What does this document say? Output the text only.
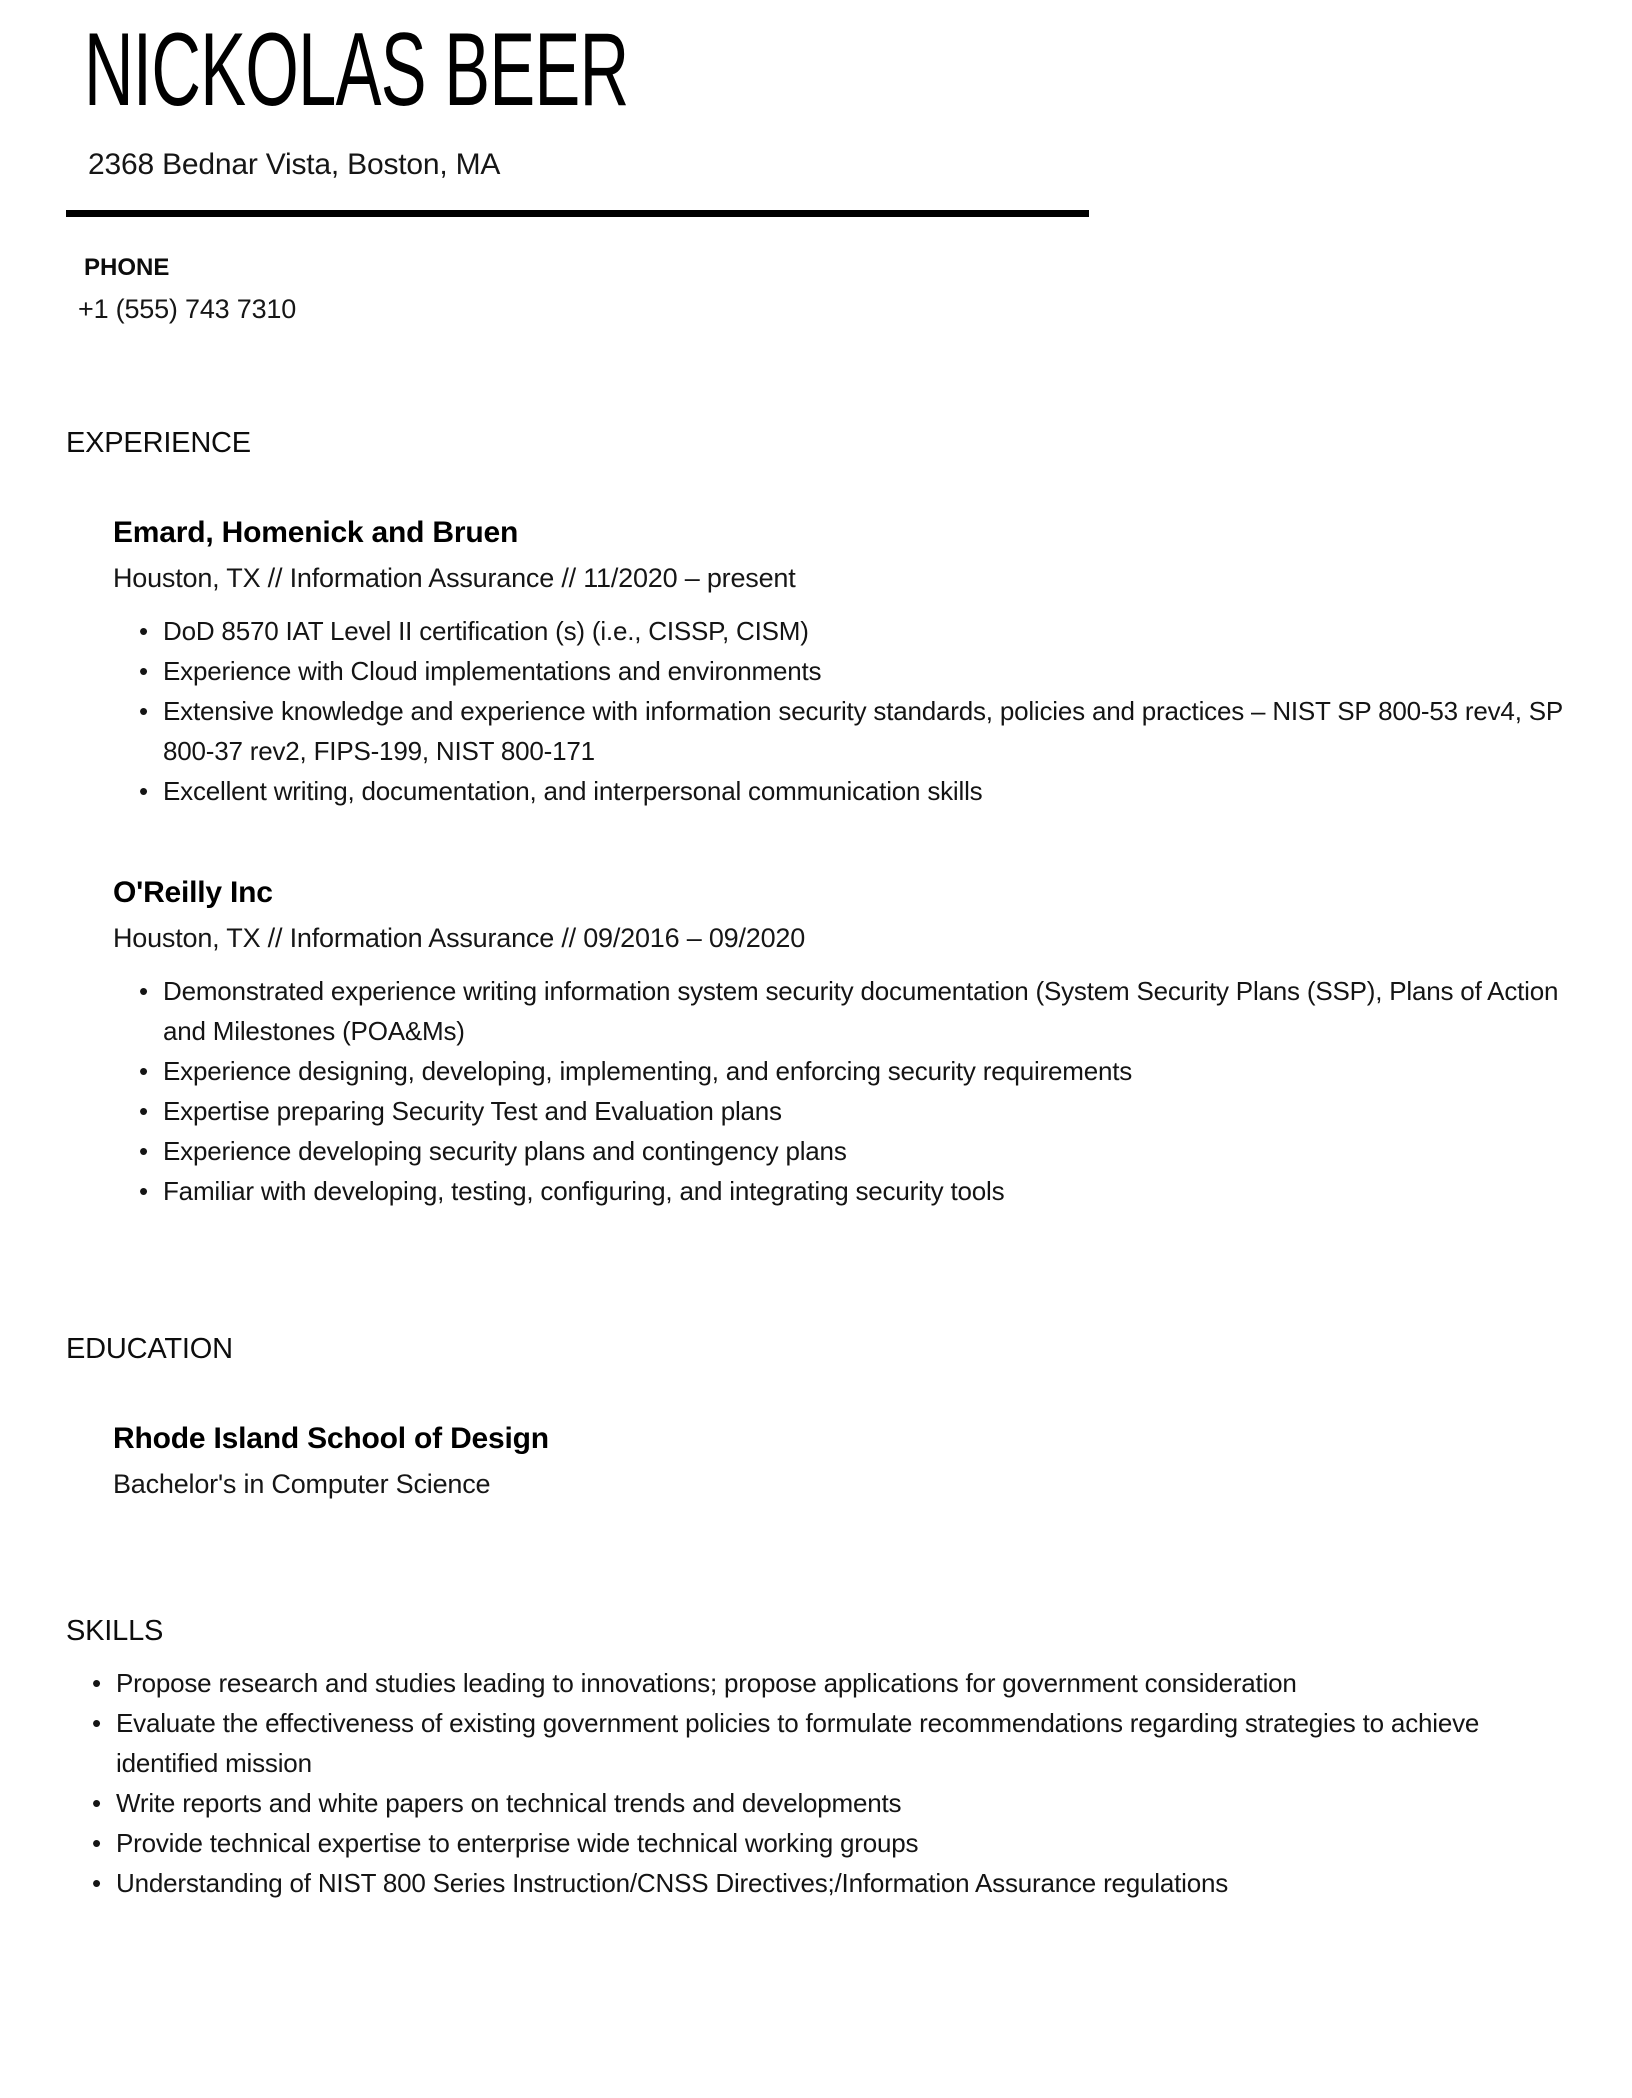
NICKOLAS BEER
2368 Bednar Vista, Boston, MA
PHONE
+1 (555) 743 7310
EXPERIENCE
Emard, Homenick and Bruen

Houston, TX // Information Assurance // 11/2020 – present

• DoD 8570 IAT Level II certification (s) (i.e., CISSP, CISM)
• Experience with Cloud implementations and environments
• Extensive knowledge and experience with information security standards, policies and practices – NIST SP 800-53 rev4, SP 800-37 rev2, FIPS-199, NIST 800-171
• Excellent writing, documentation, and interpersonal communication skills
O'Reilly Inc

Houston, TX // Information Assurance // 09/2016 – 09/2020

• Demonstrated experience writing information system security documentation (System Security Plans (SSP), Plans of Action and Milestones (POA&Ms)
• Experience designing, developing, implementing, and enforcing security requirements
• Expertise preparing Security Test and Evaluation plans
• Experience developing security plans and contingency plans
• Familiar with developing, testing, configuring, and integrating security tools
EDUCATION
Rhode Island School of Design

Bachelor's in Computer Science

SKILLS
• Propose research and studies leading to innovations; propose applications for government consideration
• Evaluate the effectiveness of existing government policies to formulate recommendations regarding strategies to achieve identified mission
• Write reports and white papers on technical trends and developments
• Provide technical expertise to enterprise wide technical working groups
• Understanding of NIST 800 Series Instruction/CNSS Directives;/Information Assurance regulations
